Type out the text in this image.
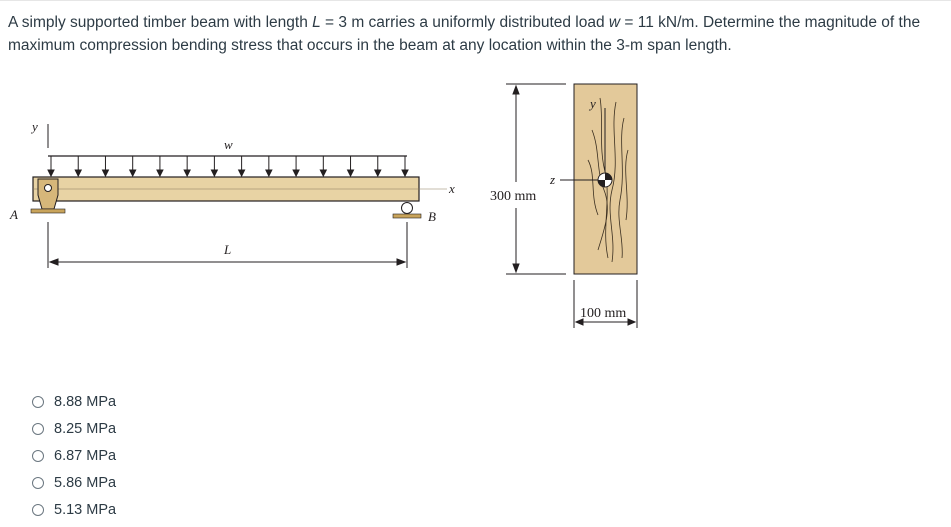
A simply supported timber beam with length L = 3 m carries a uniformly distributed load w = 11 kN/m. Determine the magnitude of the maximum compression bending stress that occurs in the beam at any location within the 3-m span length.
y
w
x
A	B
L
300 mm
y
z
100 mm
8.88 MPa
8.25 MPa
6.87 MPa
5.86 MPa
5.13 MPa
